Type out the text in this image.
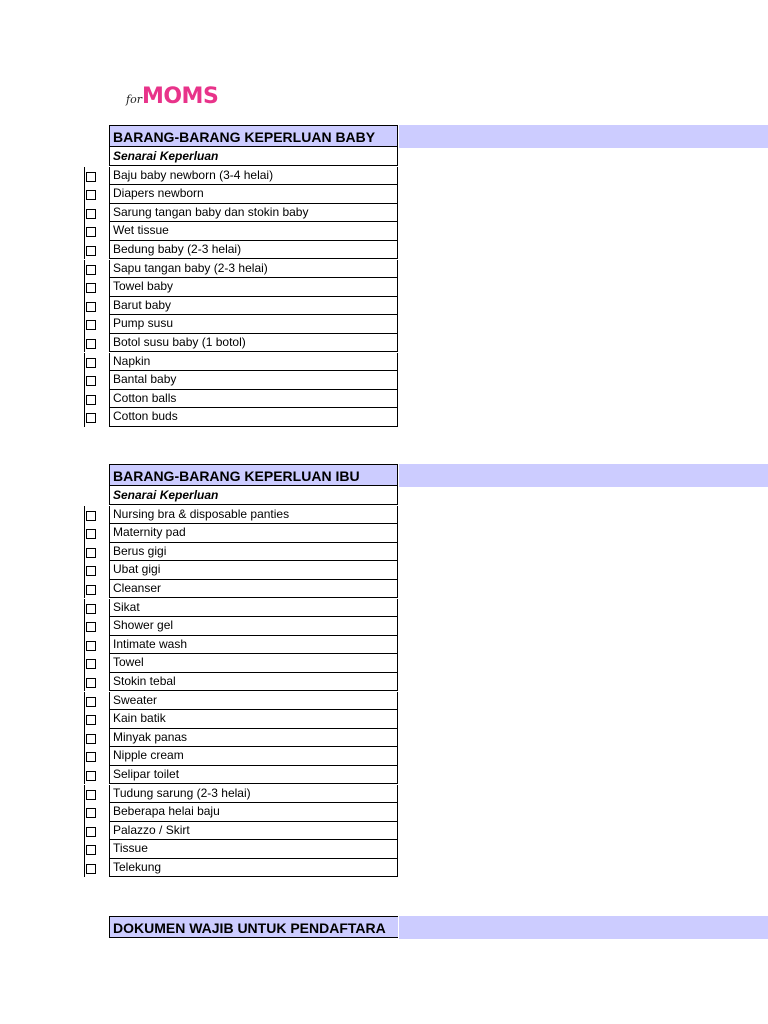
forMOMS
BARANG-BARANG KEPERLUAN BABY
Senarai Keperluan
Baju baby newborn (3-4 helai)
Diapers newborn
Sarung tangan baby dan stokin baby
Wet tissue
Bedung baby (2-3 helai)
Sapu tangan baby (2-3 helai)
Towel baby
Barut baby
Pump susu
Botol susu baby (1 botol)
Napkin
Bantal baby
Cotton balls
Cotton buds
BARANG-BARANG KEPERLUAN IBU
Senarai Keperluan
Nursing bra & disposable panties
Maternity pad
Berus gigi
Ubat gigi
Cleanser
Sikat
Shower gel
Intimate wash
Towel
Stokin tebal
Sweater
Kain batik
Minyak panas
Nipple cream
Selipar toilet
Tudung sarung (2-3 helai)
Beberapa helai baju
Palazzo / Skirt
Tissue
Telekung
DOKUMEN WAJIB UNTUK PENDAFTARA
